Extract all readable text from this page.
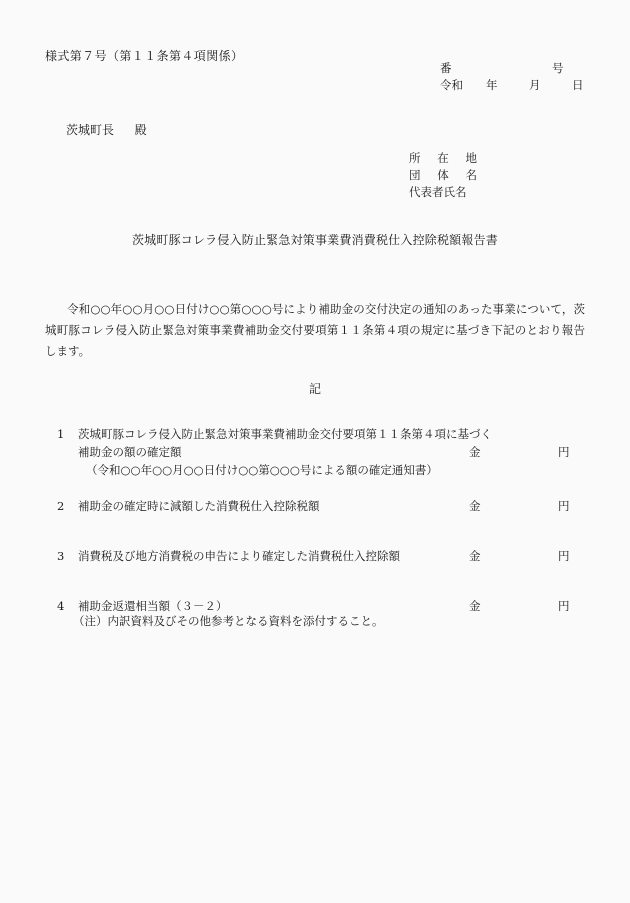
様式第７号（第１１条第４項関係）
番	号
令和	年	月	日
茨城町長 殿
所在地
団体名
代表者氏名
茨城町豚コレラ侵入防止緊急対策事業費消費税仕入控除税額報告書
令和○○年○○月○○日付け○○第○○○号により補助金の交付決定の通知のあった事業について，茨城町豚コレラ侵入防止緊急対策事業費補助金交付要項第１１条第４項の規定に基づき下記のとおり報告します。
記
1	茨城町豚コレラ侵入防止緊急対策事業費補助金交付要項第１１条第４項に基づく
補助金の額の確定額	金	円
（令和○○年○○月○○日付け○○第○○○号による額の確定通知書）
2	補助金の確定時に減額した消費税仕入控除税額	金	円
3	消費税及び地方消費税の申告により確定した消費税仕入控除額	金	円
4	補助金返還相当額（３－２）	金	円
（注）内訳資料及びその他参考となる資料を添付すること。
